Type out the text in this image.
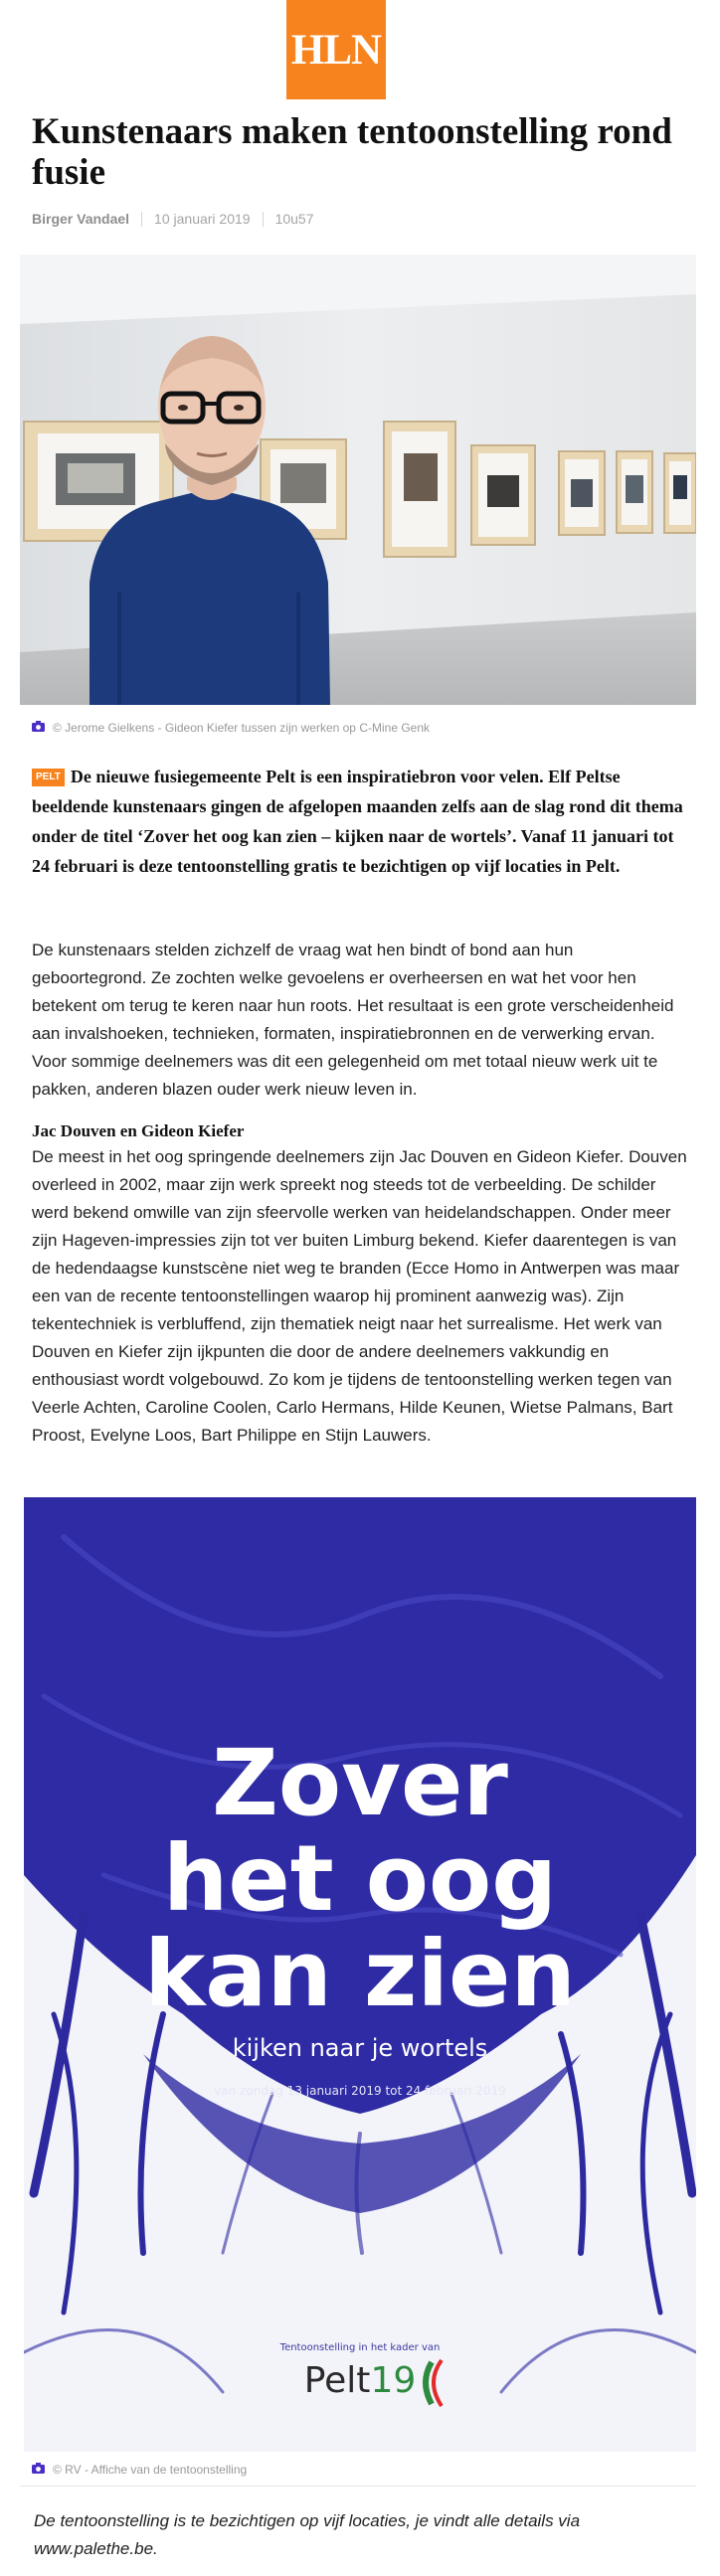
HLN
Kunstenaars maken tentoonstelling rond fusie
Birger Vandael 10 januari 2019 10u57
© Jerome Gielkens - Gideon Kiefer tussen zijn werken op C-Mine Genk

PELT De nieuwe fusiegemeente Pelt is een inspiratiebron voor velen. Elf Peltse beeldende kunstenaars gingen de afgelopen maanden zelfs aan de slag rond dit thema onder de titel ‘Zover het oog kan zien – kijken naar de wortels’. Vanaf 11 januari tot 24 februari is deze tentoonstelling gratis te bezichtigen op vijf locaties in Pelt.

De kunstenaars stelden zichzelf de vraag wat hen bindt of bond aan hun geboortegrond. Ze zochten welke gevoelens er overheersen en wat het voor hen betekent om terug te keren naar hun roots. Het resultaat is een grote verscheidenheid aan invalshoeken, technieken, formaten, inspiratiebronnen en de verwerking ervan. Voor sommige deelnemers was dit een gelegenheid om met totaal nieuw werk uit te pakken, anderen blazen ouder werk nieuw leven in.

Jac Douven en Gideon Kiefer

De meest in het oog springende deelnemers zijn Jac Douven en Gideon Kiefer. Douven overleed in 2002, maar zijn werk spreekt nog steeds tot de verbeelding. De schilder werd bekend omwille van zijn sfeervolle werken van heidelandschappen. Onder meer zijn Hageven-impressies zijn tot ver buiten Limburg bekend. Kiefer daarentegen is van de hedendaagse kunstscène niet weg te branden (Ecce Homo in Antwerpen was maar een van de recente tentoonstellingen waarop hij prominent aanwezig was). Zijn tekentechniek is verbluffend, zijn thematiek neigt naar het surrealisme. Het werk van Douven en Kiefer zijn ijkpunten die door de andere deelnemers vakkundig en enthousiast wordt volgebouwd. Zo kom je tijdens de tentoonstelling werken tegen van Veerle Achten, Caroline Coolen, Carlo Hermans, Hilde Keunen, Wietse Palmans, Bart Proost, Evelyne Loos, Bart Philippe en Stijn Lauwers.

Zover
het oog
kan zien
kijken naar je wortels
van zondag 13 januari 2019 tot 24 februari 2019
Tentoonstelling in het kader van
Pelt19
© RV - Affiche van de tentoonstelling

De tentoonstelling is te bezichtigen op vijf locaties, je vindt alle details via www.palethe.be.
